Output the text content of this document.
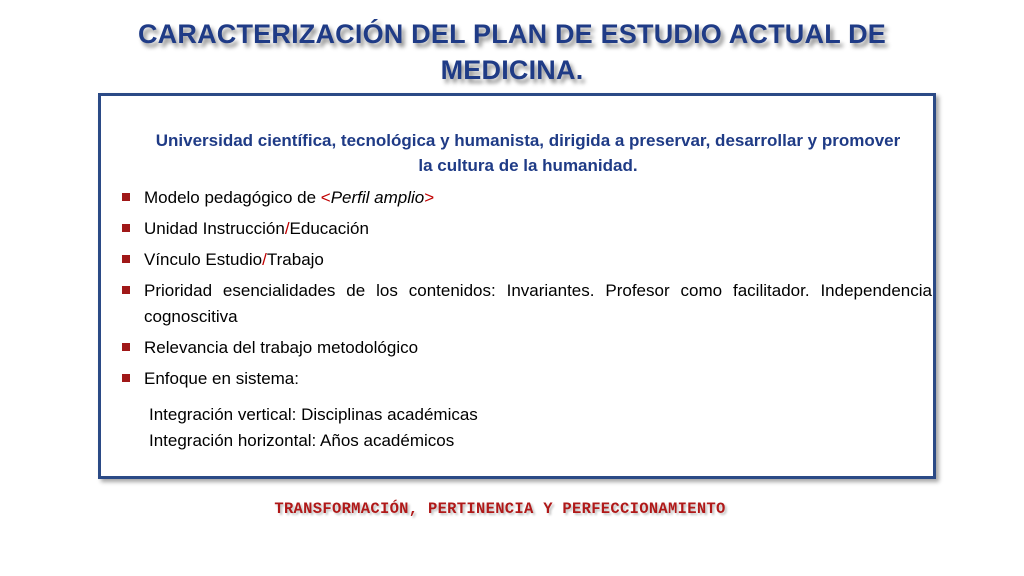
CARACTERIZACIÓN DEL PLAN DE ESTUDIO ACTUAL DE
MEDICINA.
Universidad científica, tecnológica y humanista, dirigida a preservar, desarrollar y promover
la cultura de la humanidad.
Modelo pedagógico de <Perfil amplio>
Unidad Instrucción/Educación
Vínculo Estudio/Trabajo
Prioridad esencialidades de los contenidos: Invariantes. Profesor como facilitador. Independencia cognoscitiva
Relevancia del trabajo metodológico
Enfoque en sistema:
Integración vertical: Disciplinas académicas
Integración horizontal: Años académicos
TRANSFORMACIÓN, PERTINENCIA Y PERFECCIONAMIENTO
